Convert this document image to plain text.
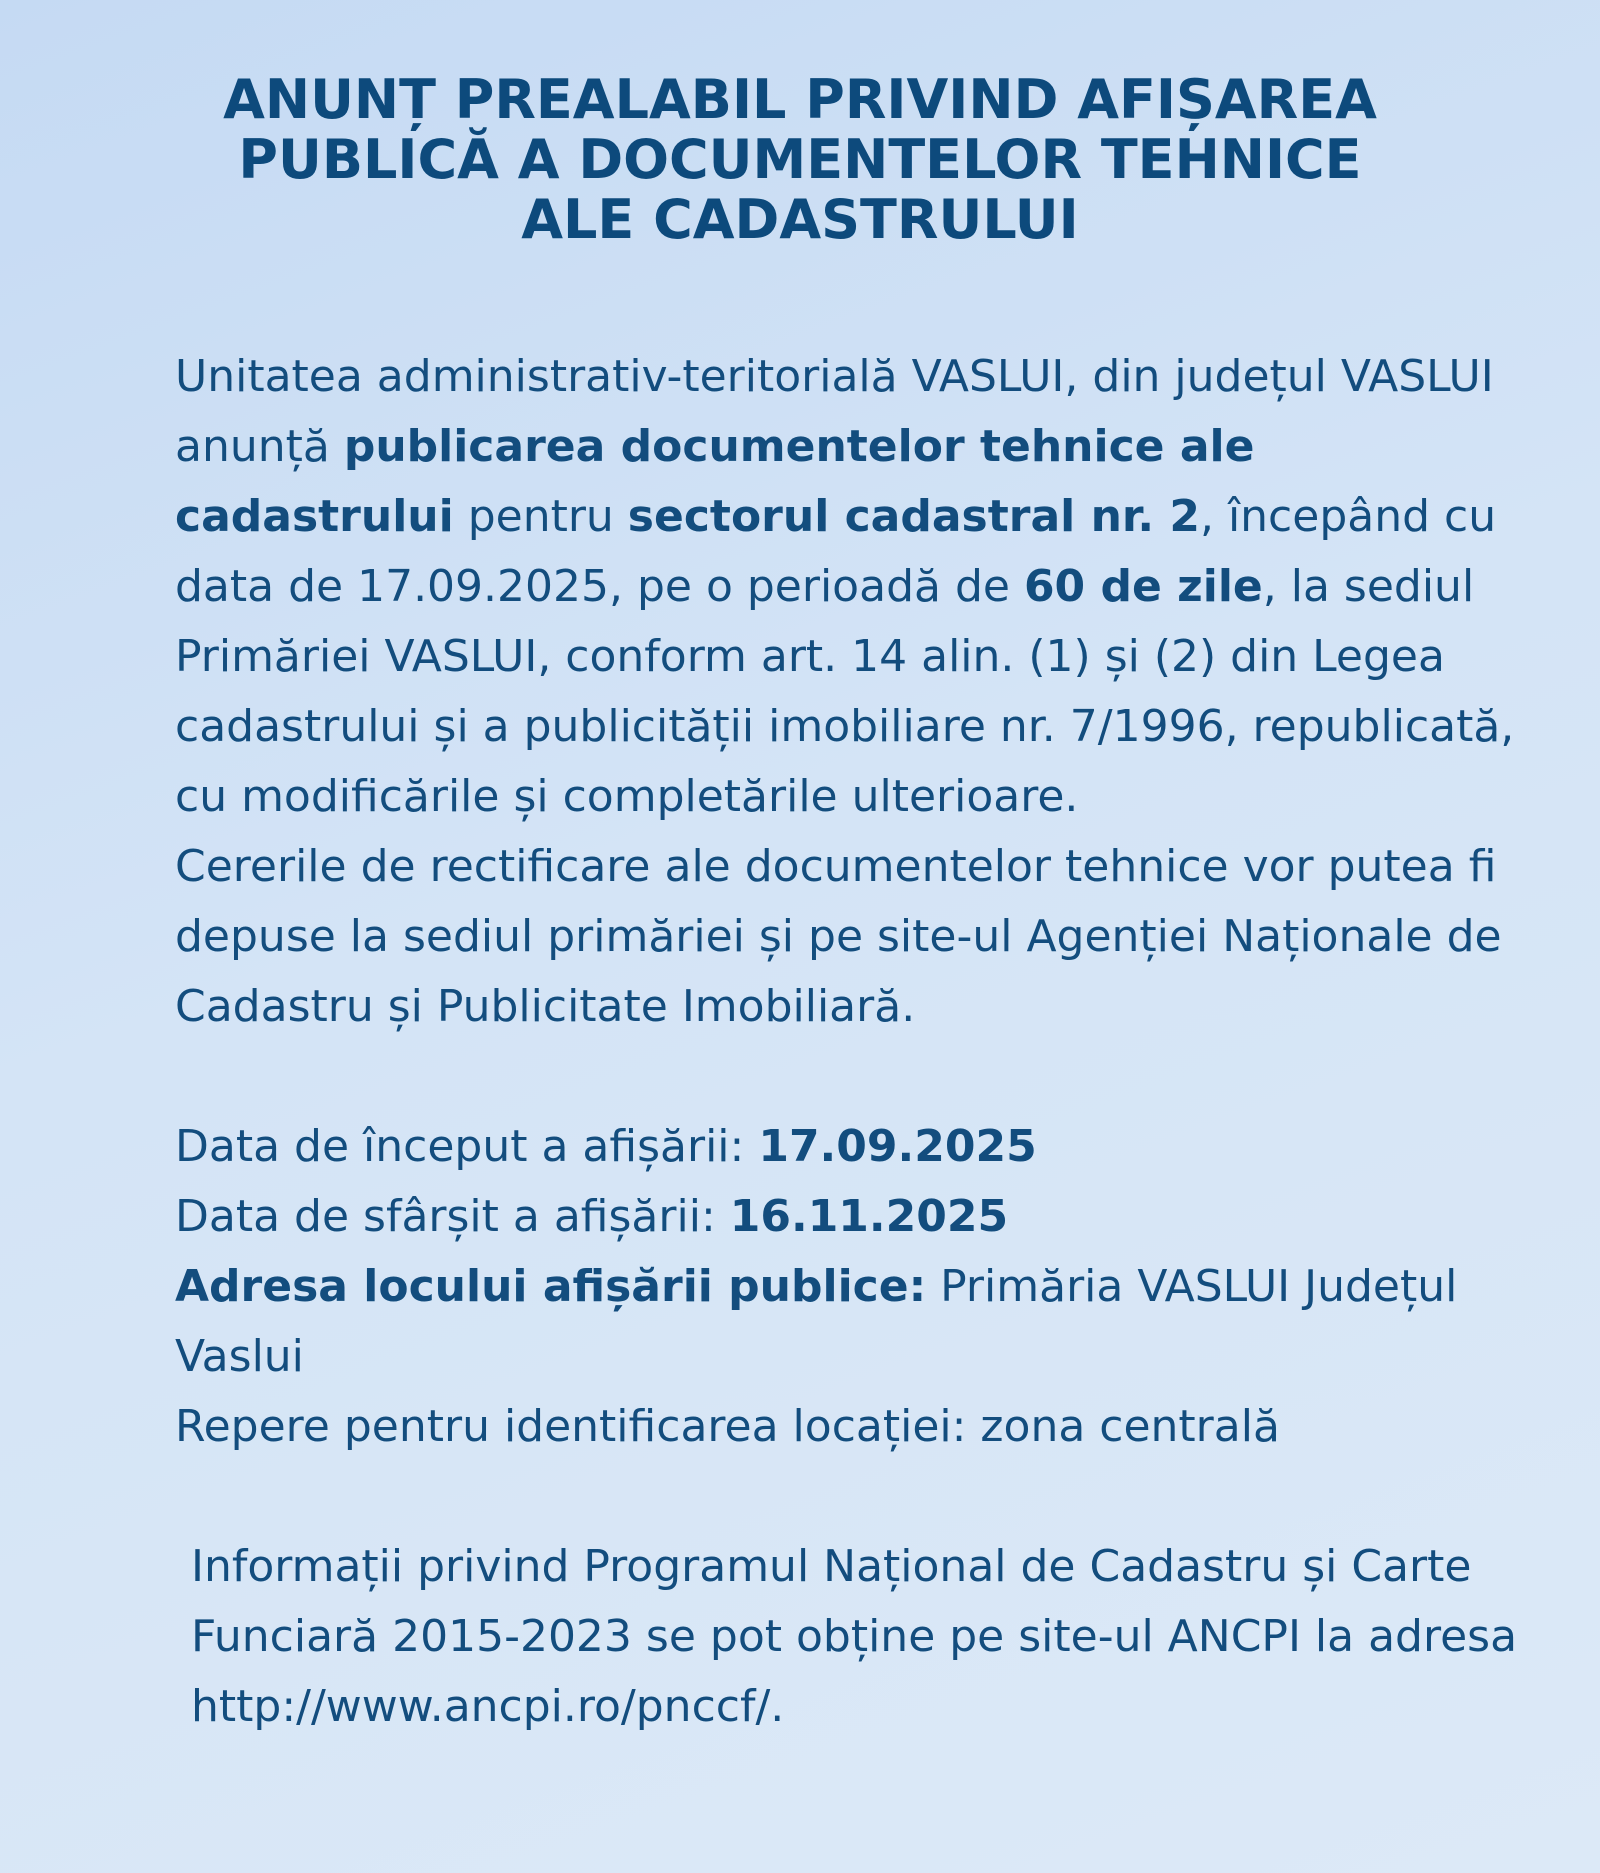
ANUNȚ PREALABIL PRIVIND AFIȘAREA
PUBLICĂ A DOCUMENTELOR TEHNICE
ALE CADASTRULUI

Unitatea administrativ-teritorială VASLUI, din județul VASLUI anunță publicarea documentelor tehnice ale cadastrului pentru sectorul cadastral nr. 2, începând cu data de 17.09.2025, pe o perioadă de 60 de zile, la sediul Primăriei VASLUI, conform art. 14 alin. (1) și (2) din Legea cadastrului și a publicității imobiliare nr. 7/1996, republicată, cu modificările și completările ulterioare.

Cererile de rectificare ale documentelor tehnice vor putea fi depuse la sediul primăriei și pe site-ul Agenției Naționale de Cadastru și Publicitate Imobiliară.

Data de început a afișării: 17.09.2025

Data de sfârșit a afișării: 16.11.2025

Adresa locului afișării publice: Primăria VASLUI Județul Vaslui

Repere pentru identificarea locației: zona centrală

Informații privind Programul Național de Cadastru și Carte Funciară 2015-2023 se pot obține pe site-ul ANCPI la adresa http://www.ancpi.ro/pnccf/.
